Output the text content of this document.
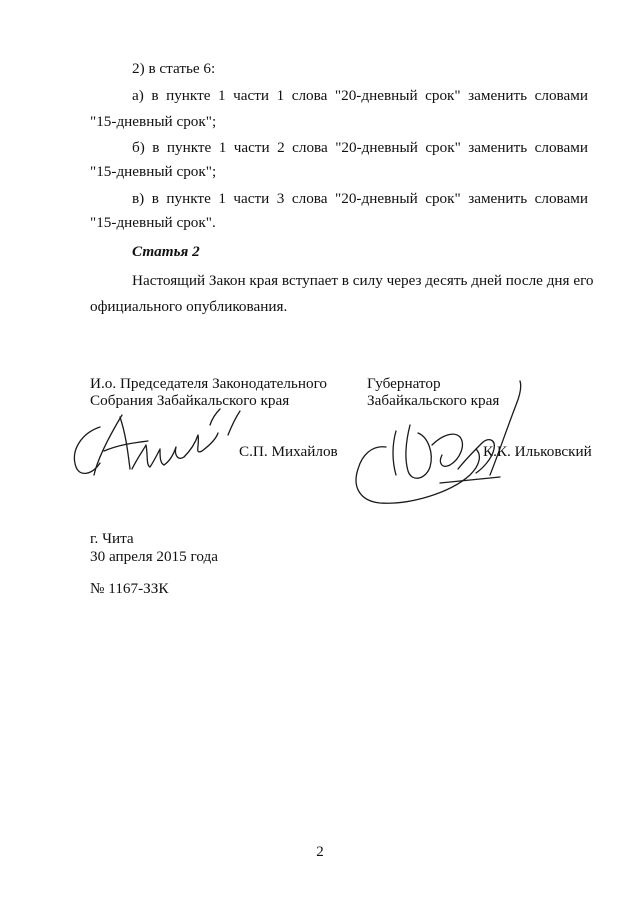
2) в статье 6:
а) в пункте 1 части 1 слова "20-дневный срок" заменить словами
"15-дневный срок";
б) в пункте 1 части 2 слова "20-дневный срок" заменить словами
"15-дневный срок";
в) в пункте 1 части 3 слова "20-дневный срок" заменить словами
"15-дневный срок".
Статья 2
Настоящий Закон края вступает в силу через десять дней после дня его
официального опубликования.
И.о. Председателя Законодательного
Собрания Забайкальского края
С.П. Михайлов
Губернатор
Забайкальского края
К.К. Ильковский
г. Чита
30 апреля 2015 года
№ 1167-ЗЗК
2
